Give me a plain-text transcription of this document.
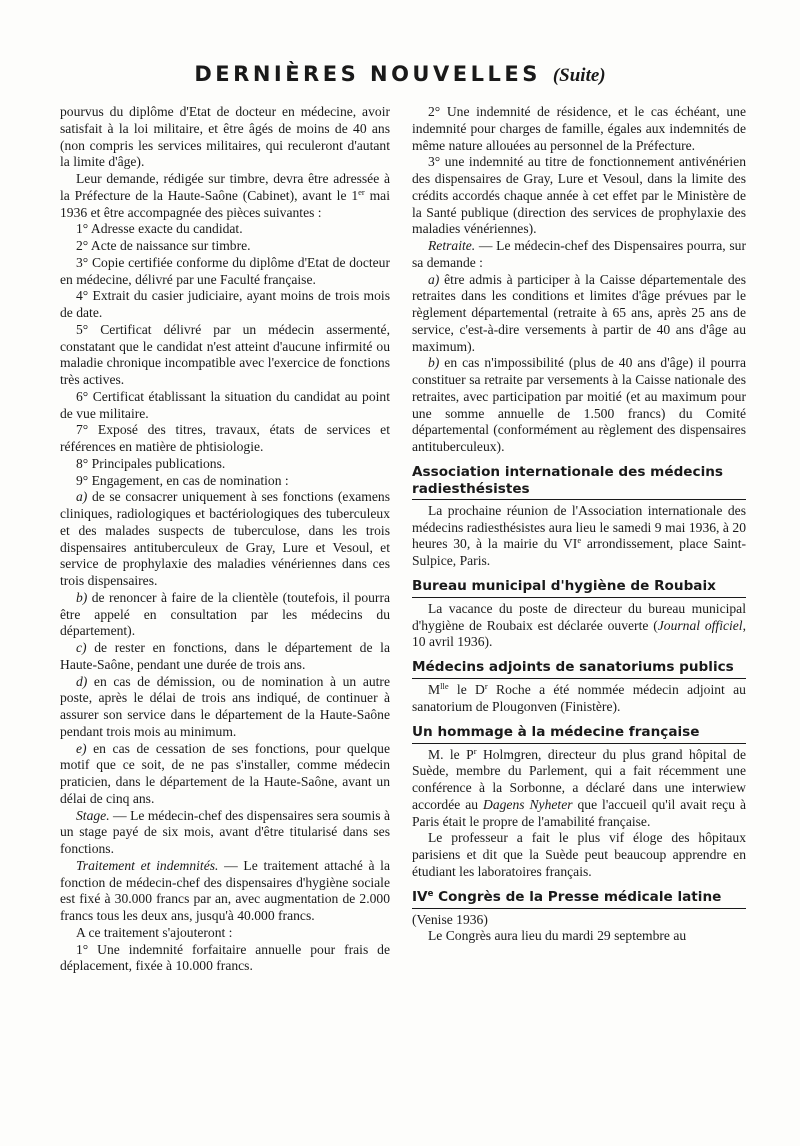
DERNIÈRES NOUVELLES (Suite)

pourvus du diplôme d'Etat de docteur en médecine, avoir satisfait à la loi militaire, et être âgés de moins de 40 ans (non compris les services militaires, qui reculeront d'autant la limite d'âge).

Leur demande, rédigée sur timbre, devra être adressée à la Préfecture de la Haute-Saône (Cabinet), avant le 1er mai 1936 et être accompagnée des pièces suivantes :

1° Adresse exacte du candidat.

2° Acte de naissance sur timbre.

3° Copie certifiée conforme du diplôme d'Etat de docteur en médecine, délivré par une Faculté française.

4° Extrait du casier judiciaire, ayant moins de trois mois de date.

5° Certificat délivré par un médecin assermenté, constatant que le candidat n'est atteint d'aucune infirmité ou maladie chronique incompatible avec l'exercice de fonctions très actives.

6° Certificat établissant la situation du candidat au point de vue militaire.

7° Exposé des titres, travaux, états de services et références en matière de phtisiologie.

8° Principales publications.

9° Engagement, en cas de nomination :

a) de se consacrer uniquement à ses fonctions (examens cliniques, radiologiques et bactériologiques des tuberculeux et des malades suspects de tuberculose, dans les trois dispensaires antituberculeux de Gray, Lure et Vesoul, et service de prophylaxie des maladies vénériennes dans ces trois dispensaires.

b) de renoncer à faire de la clientèle (toutefois, il pourra être appelé en consultation par les médecins du département).

c) de rester en fonctions, dans le département de la Haute-Saône, pendant une durée de trois ans.

d) en cas de démission, ou de nomination à un autre poste, après le délai de trois ans indiqué, de continuer à assurer son service dans le département de la Haute-Saône pendant trois mois au minimum.

e) en cas de cessation de ses fonctions, pour quelque motif que ce soit, de ne pas s'installer, comme médecin praticien, dans le département de la Haute-Saône, avant un délai de cinq ans.

Stage. — Le médecin-chef des dispensaires sera soumis à un stage payé de six mois, avant d'être titularisé dans ses fonctions.

Traitement et indemnités. — Le traitement attaché à la fonction de médecin-chef des dispensaires d'hygiène sociale est fixé à 30.000 francs par an, avec augmentation de 2.000 francs tous les deux ans, jusqu'à 40.000 francs.

A ce traitement s'ajouteront :

1° Une indemnité forfaitaire annuelle pour frais de déplacement, fixée à 10.000 francs.

2° Une indemnité de résidence, et le cas échéant, une indemnité pour charges de famille, égales aux indemnités de même nature allouées au personnel de la Préfecture.

3° une indemnité au titre de fonctionnement antivénérien des dispensaires de Gray, Lure et Vesoul, dans la limite des crédits accordés chaque année à cet effet par le Ministère de la Santé publique (direction des services de prophylaxie des maladies vénériennes).

Retraite. — Le médecin-chef des Dispensaires pourra, sur sa demande :

a) être admis à participer à la Caisse départementale des retraites dans les conditions et limites d'âge prévues par le règlement départemental (retraite à 65 ans, après 25 ans de service, c'est-à-dire versements à partir de 40 ans d'âge au maximum).

b) en cas n'impossibilité (plus de 40 ans d'âge) il pourra constituer sa retraite par versements à la Caisse nationale des retraites, avec participation par moitié (et au maximum pour une somme annuelle de 1.500 francs) du Comité départemental (conformément au règlement des dispensaires antituberculeux).

Association internationale des médecins radiesthésistes

La prochaine réunion de l'Association internationale des médecins radiesthésistes aura lieu le samedi 9 mai 1936, à 20 heures 30, à la mairie du VIe arrondissement, place Saint-Sulpice, Paris.

Bureau municipal d'hygiène de Roubaix

La vacance du poste de directeur du bureau municipal d'hygiène de Roubaix est déclarée ouverte (Journal officiel, 10 avril 1936).

Médecins adjoints de sanatoriums publics

$M^{lle}$ le $D^r$ Roche a été nommée médecin adjoint au sanatorium de Plougonven (Finistère).

Un hommage à la médecine française

M. le $P^r$ Holmgren, directeur du plus grand hôpital de Suède, membre du Parlement, qui a fait récemment une conférence à la Sorbonne, a déclaré dans une interwiew accordée au Dagens Nyheter que l'accueil qu'il avait reçu à Paris était le propre de l'amabilité française.

Le professeur a fait le plus vif éloge des hôpitaux parisiens et dit que la Suède peut beaucoup apprendre en étudiant les laboratoires français.

IVe Congrès de la Presse médicale latine

(Venise 1936)

Le Congrès aura lieu du mardi 29 septembre au
